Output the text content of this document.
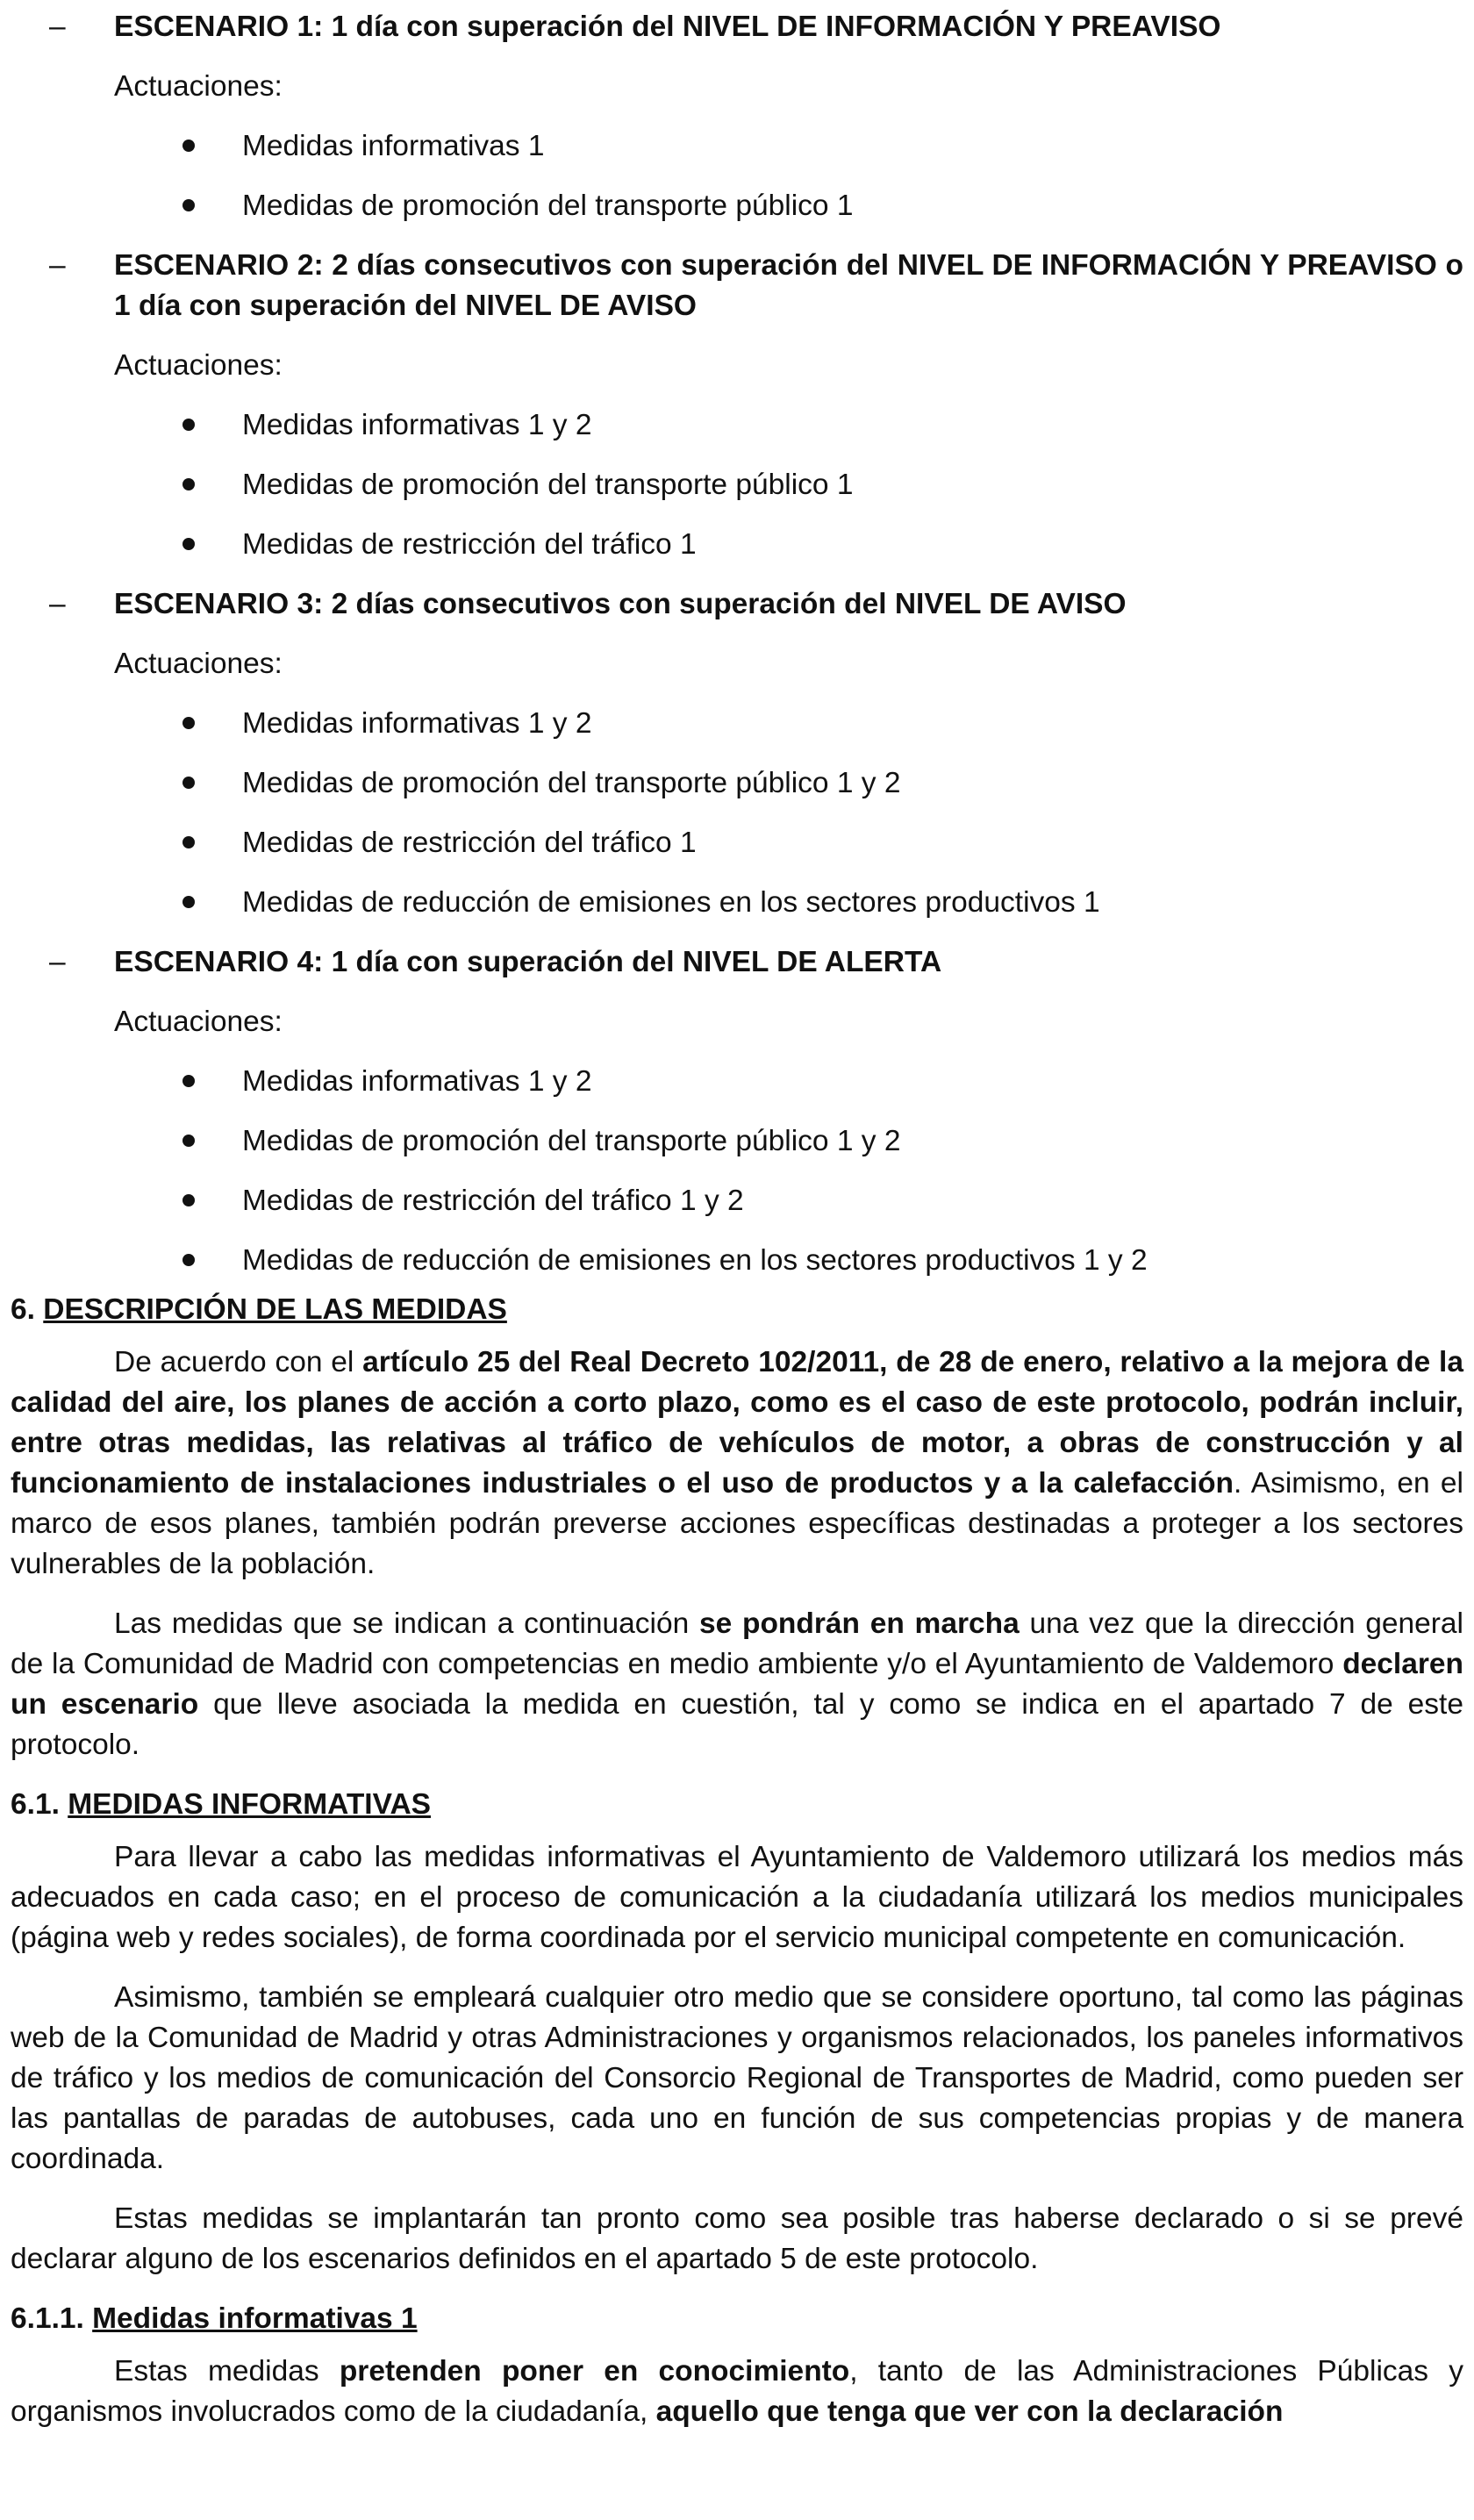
– ESCENARIO 1: 1 día con superación del NIVEL DE INFORMACIÓN Y PREAVISO
Actuaciones:
Medidas informativas 1
Medidas de promoción del transporte público 1
– ESCENARIO 2: 2 días consecutivos con superación del NIVEL DE INFORMACIÓN Y PREAVISO o 1 día con superación del NIVEL DE AVISO
Actuaciones:
Medidas informativas 1 y 2
Medidas de promoción del transporte público 1
Medidas de restricción del tráfico 1
– ESCENARIO 3: 2 días consecutivos con superación del NIVEL DE AVISO
Actuaciones:
Medidas informativas 1 y 2
Medidas de promoción del transporte público 1 y 2
Medidas de restricción del tráfico 1
Medidas de reducción de emisiones en los sectores productivos 1
– ESCENARIO 4: 1 día con superación del NIVEL DE ALERTA
Actuaciones:
Medidas informativas 1 y 2
Medidas de promoción del transporte público 1 y 2
Medidas de restricción del tráfico 1 y 2
Medidas de reducción de emisiones en los sectores productivos 1 y 2
6. DESCRIPCIÓN DE LAS MEDIDAS

De acuerdo con el artículo 25 del Real Decreto 102/2011, de 28 de enero, relativo a la mejora de la calidad del aire, los planes de acción a corto plazo, como es el caso de este protocolo, podrán incluir, entre otras medidas, las relativas al tráfico de vehículos de motor, a obras de construcción y al funcionamiento de instalaciones industriales o el uso de productos y a la calefacción. Asimismo, en el marco de esos planes, también podrán preverse acciones específicas destinadas a proteger a los sectores vulnerables de la población.

Las medidas que se indican a continuación se pondrán en marcha una vez que la dirección general de la Comunidad de Madrid con competencias en medio ambiente y/o el Ayuntamiento de Valdemoro declaren un escenario que lleve asociada la medida en cuestión, tal y como se indica en el apartado 7 de este protocolo.

6.1. MEDIDAS INFORMATIVAS

Para llevar a cabo las medidas informativas el Ayuntamiento de Valdemoro utilizará los medios más adecuados en cada caso; en el proceso de comunicación a la ciudadanía utilizará los medios municipales (página web y redes sociales), de forma coordinada por el servicio municipal competente en comunicación.

Asimismo, también se empleará cualquier otro medio que se considere oportuno, tal como las páginas web de la Comunidad de Madrid y otras Administraciones y organismos relacionados, los paneles informativos de tráfico y los medios de comunicación del Consorcio Regional de Transportes de Madrid, como pueden ser las pantallas de paradas de autobuses, cada uno en función de sus competencias propias y de manera coordinada.

Estas medidas se implantarán tan pronto como sea posible tras haberse declarado o si se prevé declarar alguno de los escenarios definidos en el apartado 5 de este protocolo.

6.1.1. Medidas informativas 1

Estas medidas pretenden poner en conocimiento, tanto de las Administraciones Públicas y organismos involucrados como de la ciudadanía, aquello que tenga que ver con la declaración
